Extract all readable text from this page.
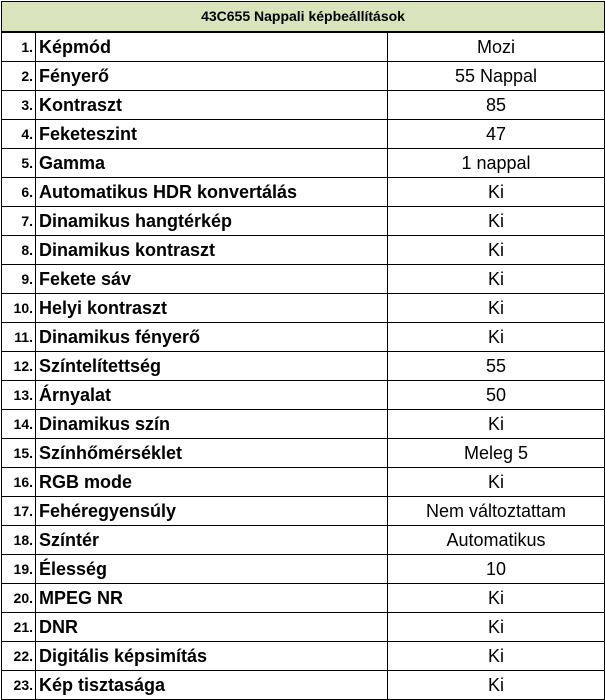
43C655 Nappali képbeállítások		
1.	Képmód	Mozi
2.	Fényerő	55 Nappal
3.	Kontraszt	85
4.	Feketeszint	47
5.	Gamma	1 nappal
6.	Automatikus HDR konvertálás	Ki
7.	Dinamikus hangtérkép	Ki
8.	Dinamikus kontraszt	Ki
9.	Fekete sáv	Ki
10.	Helyi kontraszt	Ki
11.	Dinamikus fényerő	Ki
12.	Színtelítettség	55
13.	Árnyalat	50
14.	Dinamikus szín	Ki
15.	Színhőmérséklet	Meleg 5
16.	RGB mode	Ki
17.	Fehéregyensúly	Nem változtattam
18.	Színtér	Automatikus
19.	Élesség	10
20.	MPEG NR	Ki
21.	DNR	Ki
22.	Digitális képsimítás	Ki
23.	Kép tisztasága	Ki
